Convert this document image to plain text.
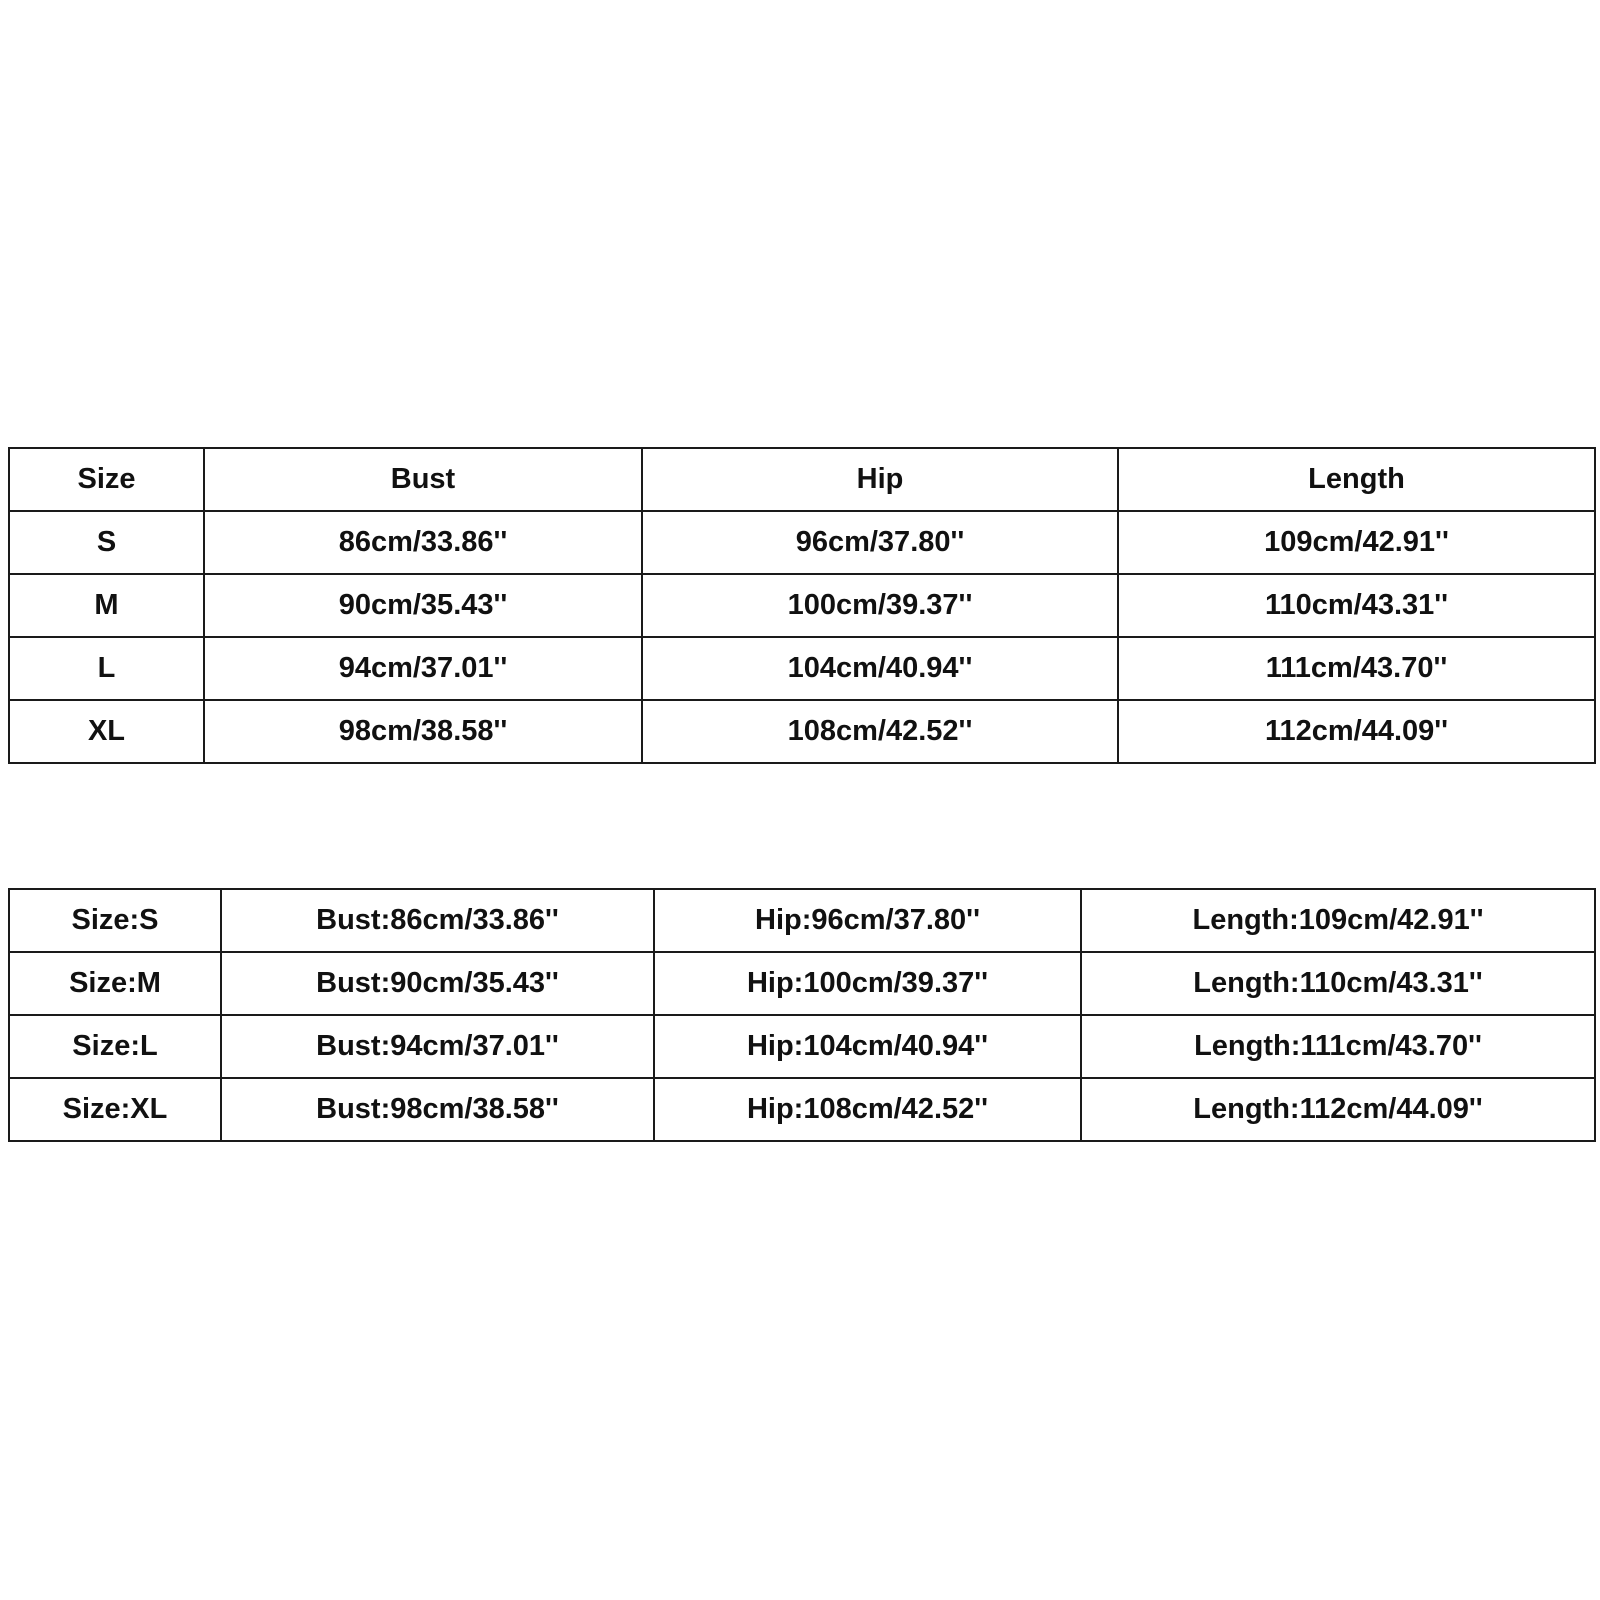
Size	Bust	Hip	Length
S	86cm/33.86''	96cm/37.80''	109cm/42.91''
M	90cm/35.43''	100cm/39.37''	110cm/43.31''
L	94cm/37.01''	104cm/40.94''	111cm/43.70''
XL	98cm/38.58''	108cm/42.52''	112cm/44.09''
Size:S	Bust:86cm/33.86''	Hip:96cm/37.80''	Length:109cm/42.91''
Size:M	Bust:90cm/35.43''	Hip:100cm/39.37''	Length:110cm/43.31''
Size:L	Bust:94cm/37.01''	Hip:104cm/40.94''	Length:111cm/43.70''
Size:XL	Bust:98cm/38.58''	Hip:108cm/42.52''	Length:112cm/44.09''
